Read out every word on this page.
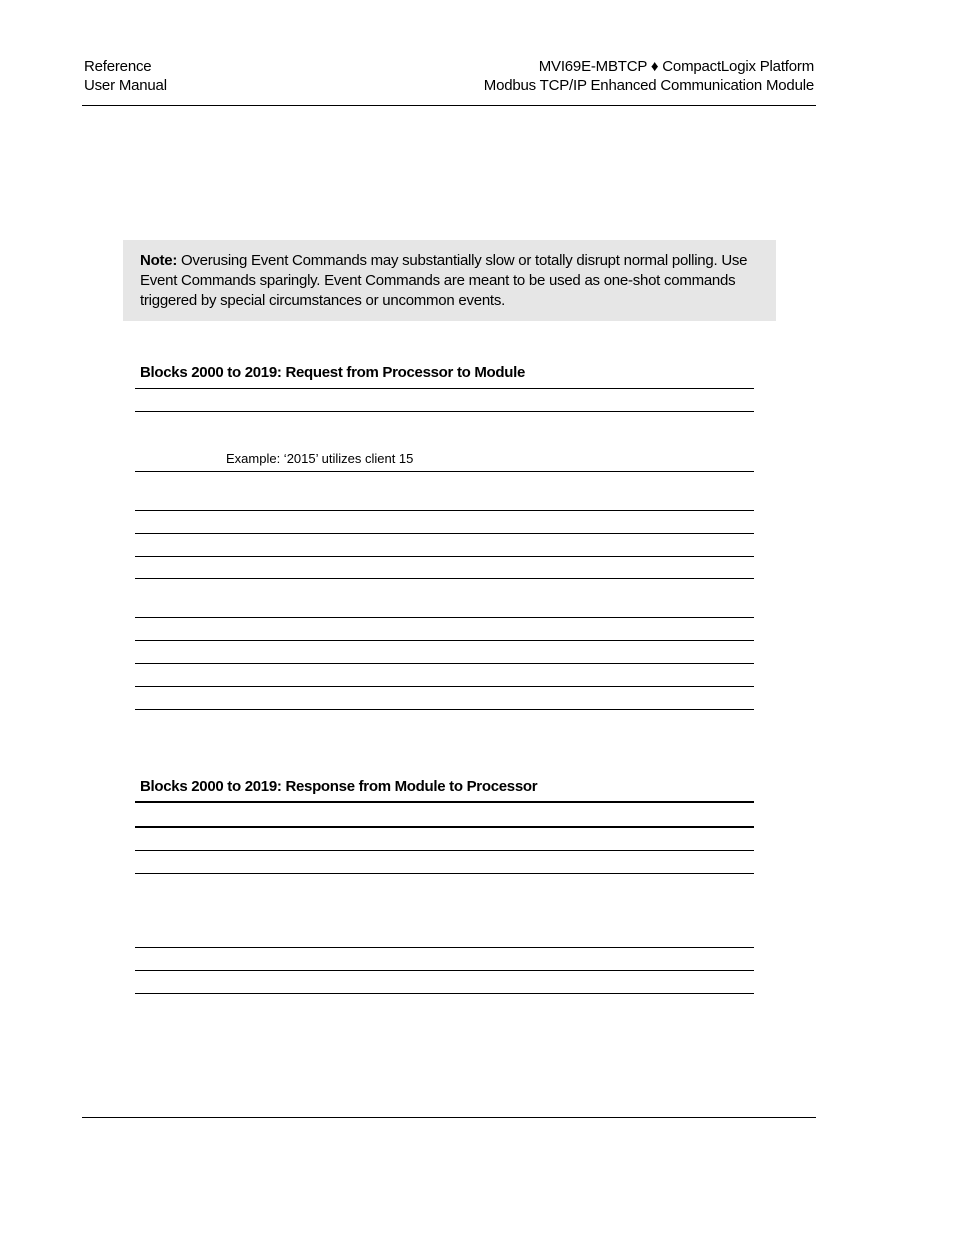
Reference
User Manual
MVI69E-MBTCP ♦ CompactLogix Platform
Modbus TCP/IP Enhanced Communication Module
Note: Overusing Event Commands may substantially slow or totally disrupt normal polling. Use Event Commands sparingly. Event Commands are meant to be used as one-shot commands triggered by special circumstances or uncommon events.
Blocks 2000 to 2019: Request from Processor to Module
Example: ‘2015’ utilizes client 15
Blocks 2000 to 2019: Response from Module to Processor
